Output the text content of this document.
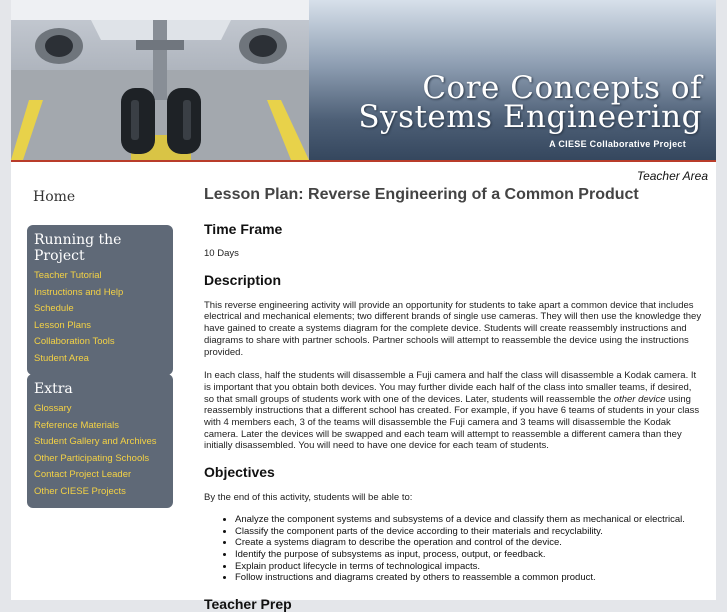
Core Concepts of
Systems Engineering
A CIESE Collaborative Project
Teacher Area
Home
Running the Project
Teacher Tutorial
Instructions and Help
Schedule
Lesson Plans
Collaboration Tools
Student Area
Extra
Glossary
Reference Materials
Student Gallery and Archives
Other Participating Schools
Contact Project Leader
Other CIESE Projects
Lesson Plan: Reverse Engineering of a Common Product
Time Frame

10 Days

Description

This reverse engineering activity will provide an opportunity for students to take apart a common device that includes electrical and mechanical elements; two different brands of single use cameras. They will then use the knowledge they have gained to create a systems diagram for the complete device. Students will create reassembly instructions and diagrams to share with partner schools. Partner schools will attempt to reassemble the device using the instructions provided.

In each class, half the students will disassemble a Fuji camera and half the class will disassemble a Kodak camera. It is important that you obtain both devices. You may further divide each half of the class into smaller teams, if desired, so that small groups of students work with one of the devices. Later, students will reassemble the other device using reassembly instructions that a different school has created. For example, if you have 6 teams of students in your class with 4 members each, 3 of the teams will disassemble the Fuji camera and 3 teams will disassemble the Kodak camera. Later the devices will be swapped and each team will attempt to reassemble a different camera than they initially disassembled. You will need to have one device for each team of students.

Objectives

By the end of this activity, students will be able to:

• Analyze the component systems and subsystems of a device and classify them as mechanical or electrical.
• Classify the component parts of the device according to their materials and recyclability.
• Create a systems diagram to describe the operation and control of the device.
• Identify the purpose of subsystems as input, process, output, or feedback.
• Explain product lifecycle in terms of technological impacts.
• Follow instructions and diagrams created by others to reassemble a common product.
Teacher Prep
